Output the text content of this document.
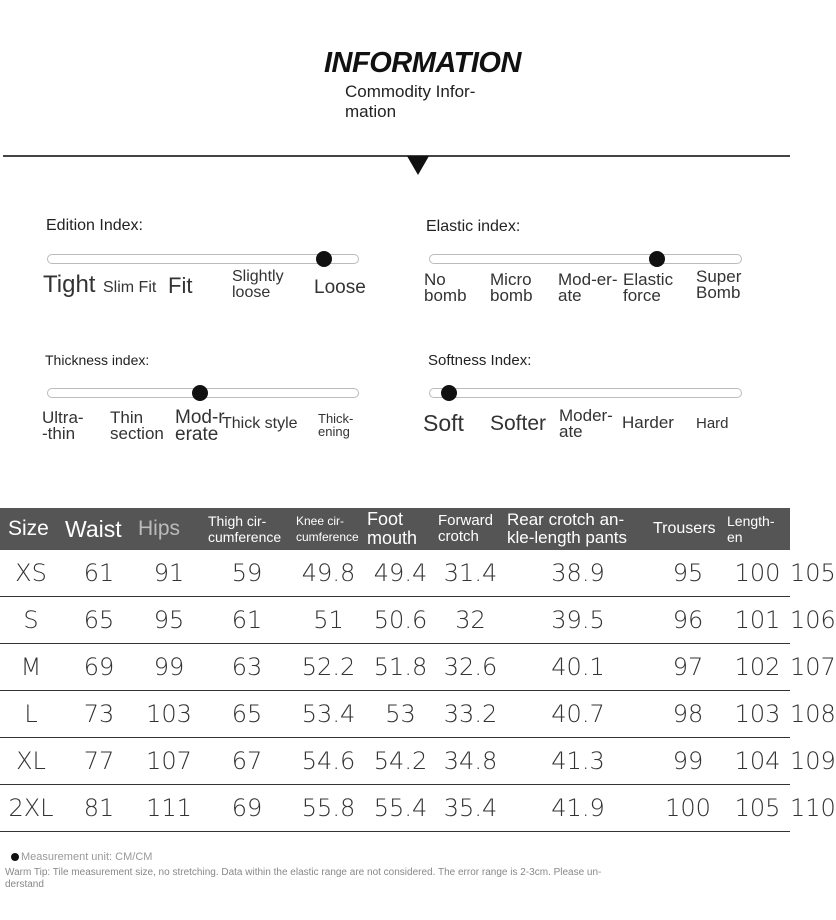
INFORMATION
Commodity Infor-
mation
Edition Index:
Tight Slim Fit Fit Slightly
loose	Loose
Elastic index:
No
bomb
Micro
bomb
Mod-er-
ate
Elastic
force
Super
Bomb
Thickness index:
Ultra-
-thin
Thin
section
Mod-r
erate
Thick style Thick-
ening
Softness Index:
Soft Softer Moder-
ate	Harder Hard
Size	Waist	Hips	Thigh cir-
cumference	Knee cir-
cumference	Foot
mouth	Forward
crotch	Rear crotch an-
kle-length pants	Trousers	Length-
en	
XS	61	91	59	49.8	49.4	31.4	38.9	95	100	105
S	65	95	61	51	50.6	32	39.5	96	101	106
M	69	99	63	52.2	51.8	32.6	40.1	97	102	107
L	73	103	65	53.4	53	33.2	40.7	98	103	108
XL	77	107	67	54.6	54.2	34.8	41.3	99	104	109
2XL	81	111	69	55.8	55.4	35.4	41.9	100	105	110
Measurement unit: CM/CM
Warm Tip: Tile measurement size, no stretching. Data within the elastic range are not considered. The error range is 2-3cm. Please un-
derstand
